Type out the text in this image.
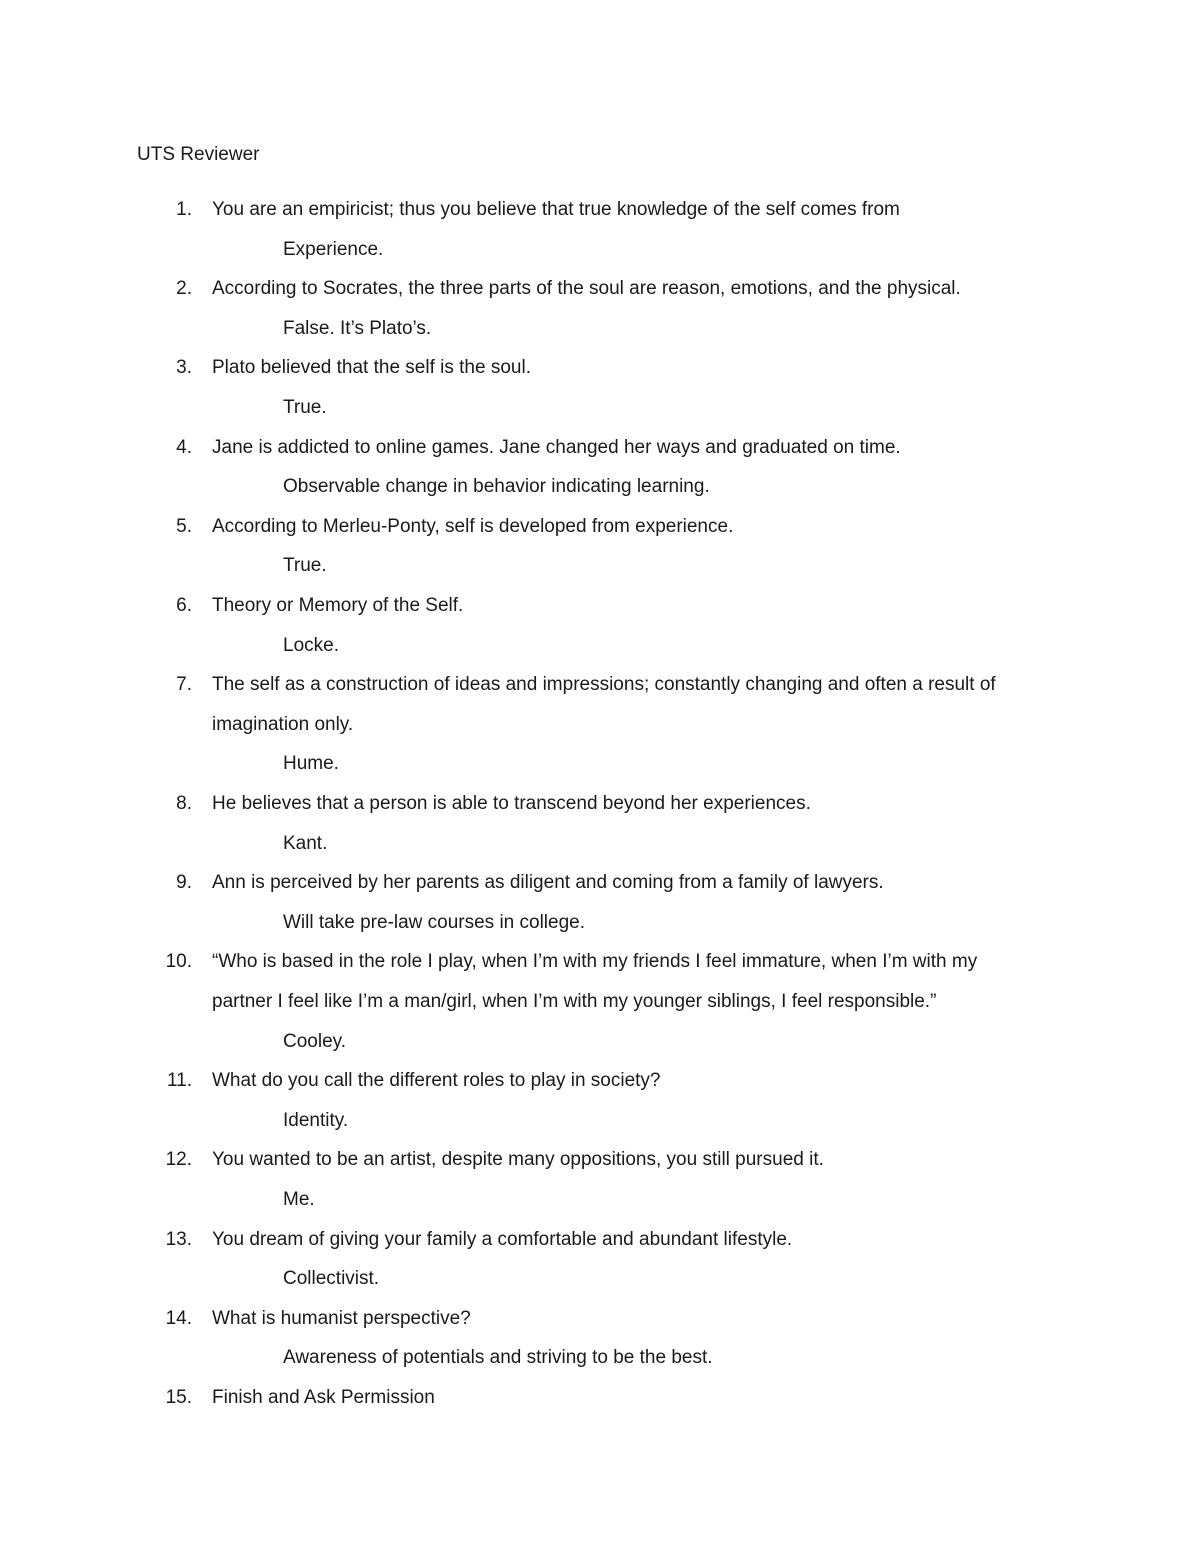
UTS Reviewer
1. You are an empiricist; thus you believe that true knowledge of the self comes from
Experience.
2. According to Socrates, the three parts of the soul are reason, emotions, and the physical.
False. It’s Plato’s.
3. Plato believed that the self is the soul.
True.
4. Jane is addicted to online games. Jane changed her ways and graduated on time.
Observable change in behavior indicating learning.
5. According to Merleu-Ponty, self is developed from experience.
True.
6. Theory or Memory of the Self.
Locke.
7. The self as a construction of ideas and impressions; constantly changing and often a result of
imagination only.
Hume.
8. He believes that a person is able to transcend beyond her experiences.
Kant.
9. Ann is perceived by her parents as diligent and coming from a family of lawyers.
Will take pre-law courses in college.
10. “Who is based in the role I play, when I’m with my friends I feel immature, when I’m with my
partner I feel like I’m a man/girl, when I’m with my younger siblings, I feel responsible.”
Cooley.
11. What do you call the different roles to play in society?
Identity.
12. You wanted to be an artist, despite many oppositions, you still pursued it.
Me.
13. You dream of giving your family a comfortable and abundant lifestyle.
Collectivist.
14. What is humanist perspective?
Awareness of potentials and striving to be the best.
15. Finish and Ask Permission
